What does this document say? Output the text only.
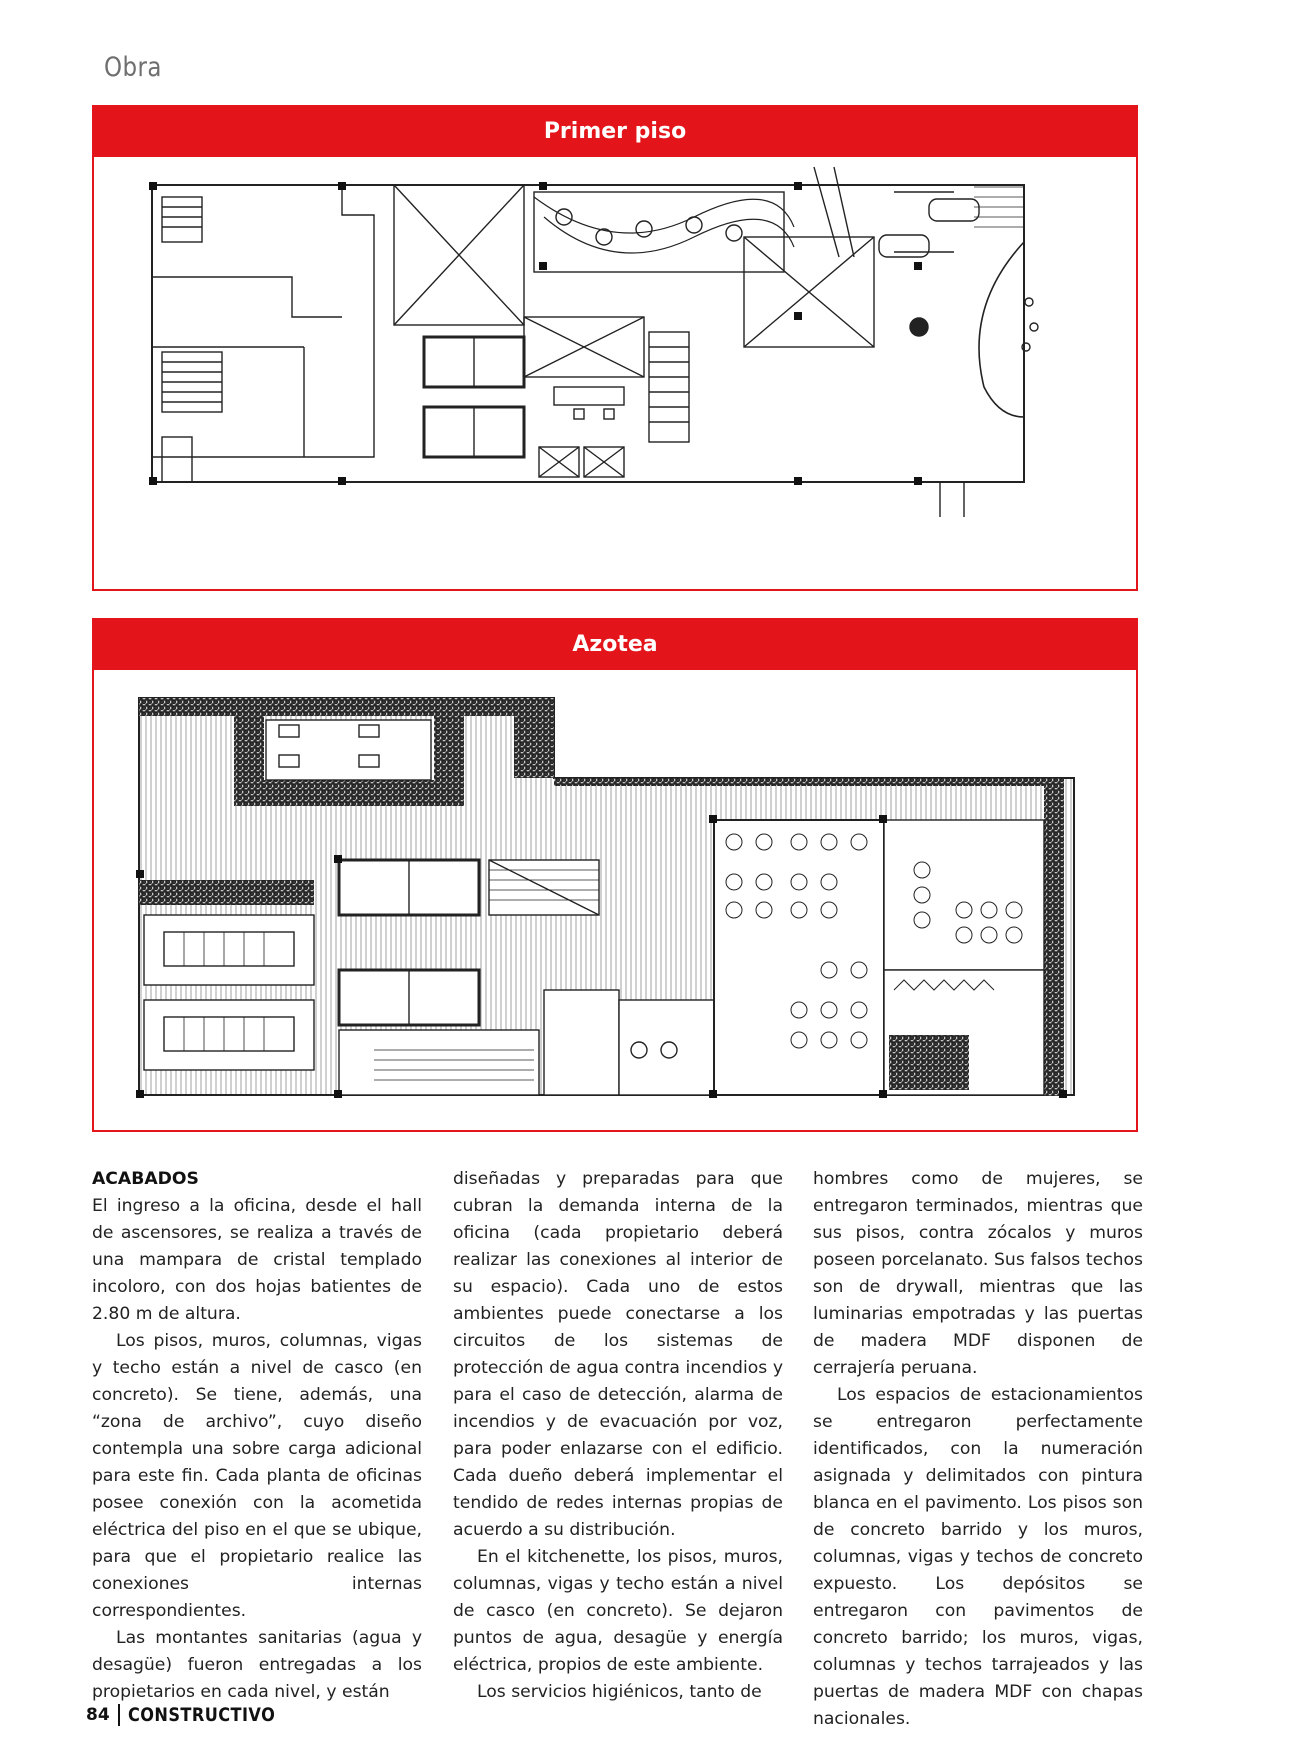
Obra
Primer piso
Azotea
ACABADOS

El ingreso a la oficina, desde el hall de ascensores, se realiza a través de una mampara de cristal templado incoloro, con dos hojas batientes de 2.80 m de altura.

Los pisos, muros, columnas, vigas y techo están a nivel de casco (en concreto). Se tiene, además, una “zona de archivo”, cuyo diseño contempla una sobre carga adicional para este fin. Cada planta de oficinas posee conexión con la acometida eléctrica del piso en el que se ubique, para que el propietario realice las conexiones internas correspondientes.

Las montantes sanitarias (agua y desagüe) fueron entregadas a los propietarios en cada nivel, y están

diseñadas y preparadas para que cubran la demanda interna de la oficina (cada propietario deberá realizar las conexiones al interior de su espacio). Cada uno de estos ambientes puede conectarse a los circuitos de los sistemas de protección de agua contra incendios y para el caso de detección, alarma de incendios y de evacuación por voz, para poder enlazarse con el edificio. Cada dueño deberá implementar el tendido de redes internas propias de acuerdo a su distribución.

En el kitchenette, los pisos, muros, columnas, vigas y techo están a nivel de casco (en concreto). Se dejaron puntos de agua, desagüe y energía eléctrica, propios de este ambiente.

Los servicios higiénicos, tanto de

hombres como de mujeres, se entregaron terminados, mientras que sus pisos, contra zócalos y muros poseen porcelanato. Sus falsos techos son de drywall, mientras que las luminarias empotradas y las puertas de madera MDF disponen de cerrajería peruana.

Los espacios de estacionamientos se entregaron perfectamente identificados, con la numeración asignada y delimitados con pintura blanca en el pavimento. Los pisos son de concreto barrido y los muros, columnas, vigas y techos de concreto expuesto. Los depósitos se entregaron con pavimentos de concreto barrido; los muros, vigas, columnas y techos tarrajeados y las puertas de madera MDF con chapas nacionales.

84 CONSTRUCTIVO
